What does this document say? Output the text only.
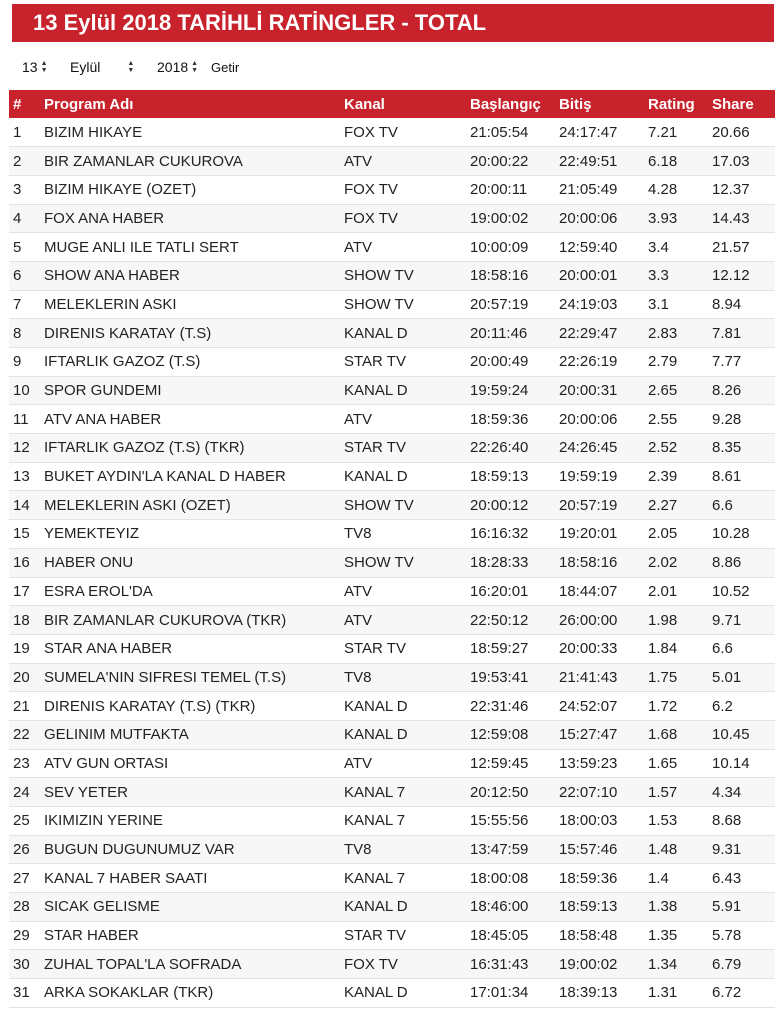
13 Eylül 2018 TARİHLİ RATİNGLER - TOTAL
13 ▲
▼ Eylül	▲
▼ 2018 ▲
▼ Getir
#	Program Adı	Kanal	Başlangıç	Bitiş	Rating	Share
1	BIZIM HIKAYE	FOX TV	21:05:54	24:17:47	7.21	20.66
2	BIR ZAMANLAR CUKUROVA	ATV	20:00:22	22:49:51	6.18	17.03
3	BIZIM HIKAYE (OZET)	FOX TV	20:00:11	21:05:49	4.28	12.37
4	FOX ANA HABER	FOX TV	19:00:02	20:00:06	3.93	14.43
5	MUGE ANLI ILE TATLI SERT	ATV	10:00:09	12:59:40	3.4	21.57
6	SHOW ANA HABER	SHOW TV	18:58:16	20:00:01	3.3	12.12
7	MELEKLERIN ASKI	SHOW TV	20:57:19	24:19:03	3.1	8.94
8	DIRENIS KARATAY (T.S)	KANAL D	20:11:46	22:29:47	2.83	7.81
9	IFTARLIK GAZOZ (T.S)	STAR TV	20:00:49	22:26:19	2.79	7.77
10	SPOR GUNDEMI	KANAL D	19:59:24	20:00:31	2.65	8.26
11	ATV ANA HABER	ATV	18:59:36	20:00:06	2.55	9.28
12	IFTARLIK GAZOZ (T.S) (TKR)	STAR TV	22:26:40	24:26:45	2.52	8.35
13	BUKET AYDIN'LA KANAL D HABER	KANAL D	18:59:13	19:59:19	2.39	8.61
14	MELEKLERIN ASKI (OZET)	SHOW TV	20:00:12	20:57:19	2.27	6.6
15	YEMEKTEYIZ	TV8	16:16:32	19:20:01	2.05	10.28
16	HABER ONU	SHOW TV	18:28:33	18:58:16	2.02	8.86
17	ESRA EROL'DA	ATV	16:20:01	18:44:07	2.01	10.52
18	BIR ZAMANLAR CUKUROVA (TKR)	ATV	22:50:12	26:00:00	1.98	9.71
19	STAR ANA HABER	STAR TV	18:59:27	20:00:33	1.84	6.6
20	SUMELA'NIN SIFRESI TEMEL (T.S)	TV8	19:53:41	21:41:43	1.75	5.01
21	DIRENIS KARATAY (T.S) (TKR)	KANAL D	22:31:46	24:52:07	1.72	6.2
22	GELINIM MUTFAKTA	KANAL D	12:59:08	15:27:47	1.68	10.45
23	ATV GUN ORTASI	ATV	12:59:45	13:59:23	1.65	10.14
24	SEV YETER	KANAL 7	20:12:50	22:07:10	1.57	4.34
25	IKIMIZIN YERINE	KANAL 7	15:55:56	18:00:03	1.53	8.68
26	BUGUN DUGUNUMUZ VAR	TV8	13:47:59	15:57:46	1.48	9.31
27	KANAL 7 HABER SAATI	KANAL 7	18:00:08	18:59:36	1.4	6.43
28	SICAK GELISME	KANAL D	18:46:00	18:59:13	1.38	5.91
29	STAR HABER	STAR TV	18:45:05	18:58:48	1.35	5.78
30	ZUHAL TOPAL'LA SOFRADA	FOX TV	16:31:43	19:00:02	1.34	6.79
31	ARKA SOKAKLAR (TKR)	KANAL D	17:01:34	18:39:13	1.31	6.72
